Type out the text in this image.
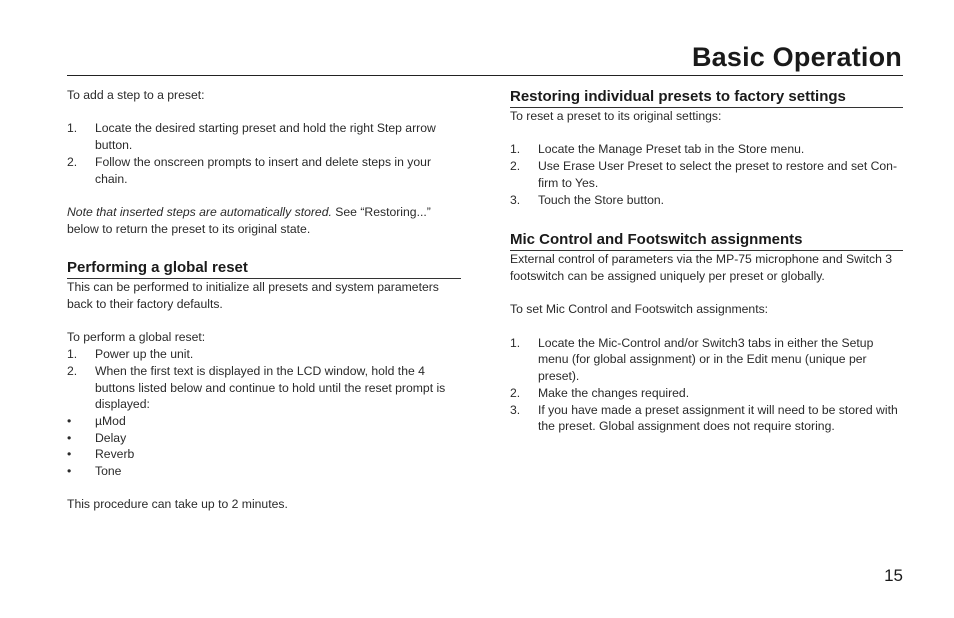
Basic Operation

To add a step to a preset:

1. Locate the desired starting preset and hold the right Step arrow button.
2. Follow the onscreen prompts to insert and delete steps in your chain.

Note that inserted steps are automatically stored. See “Restoring...” below to return the preset to its original state.

Performing a global reset

This can be performed to initialize all presets and system parameters back to their factory defaults.

To perform a global reset:

1. Power up the unit.
2. When the first text is displayed in the LCD window, hold the 4 buttons listed below and continue to hold until the reset prompt is displayed:
• µMod
• Delay
• Reverb
• Tone

This procedure can take up to 2 minutes.

Restoring individual presets to factory settings

To reset a preset to its original settings:

1. Locate the Manage Preset tab in the Store menu.
2. Use Erase User Preset to select the preset to restore and set Con-firm to Yes.
3. Touch the Store button.
Mic Control and Footswitch assignments

External control of parameters via the MP-75 microphone and Switch 3 footswitch can be assigned uniquely per preset or globally.

To set Mic Control and Footswitch assignments:

1. Locate the Mic-Control and/or Switch3 tabs in either the Setup menu (for global assignment) or in the Edit menu (unique per preset).
2. Make the changes required.
3. If you have made a preset assignment it will need to be stored with the preset. Global assignment does not require storing.
15
